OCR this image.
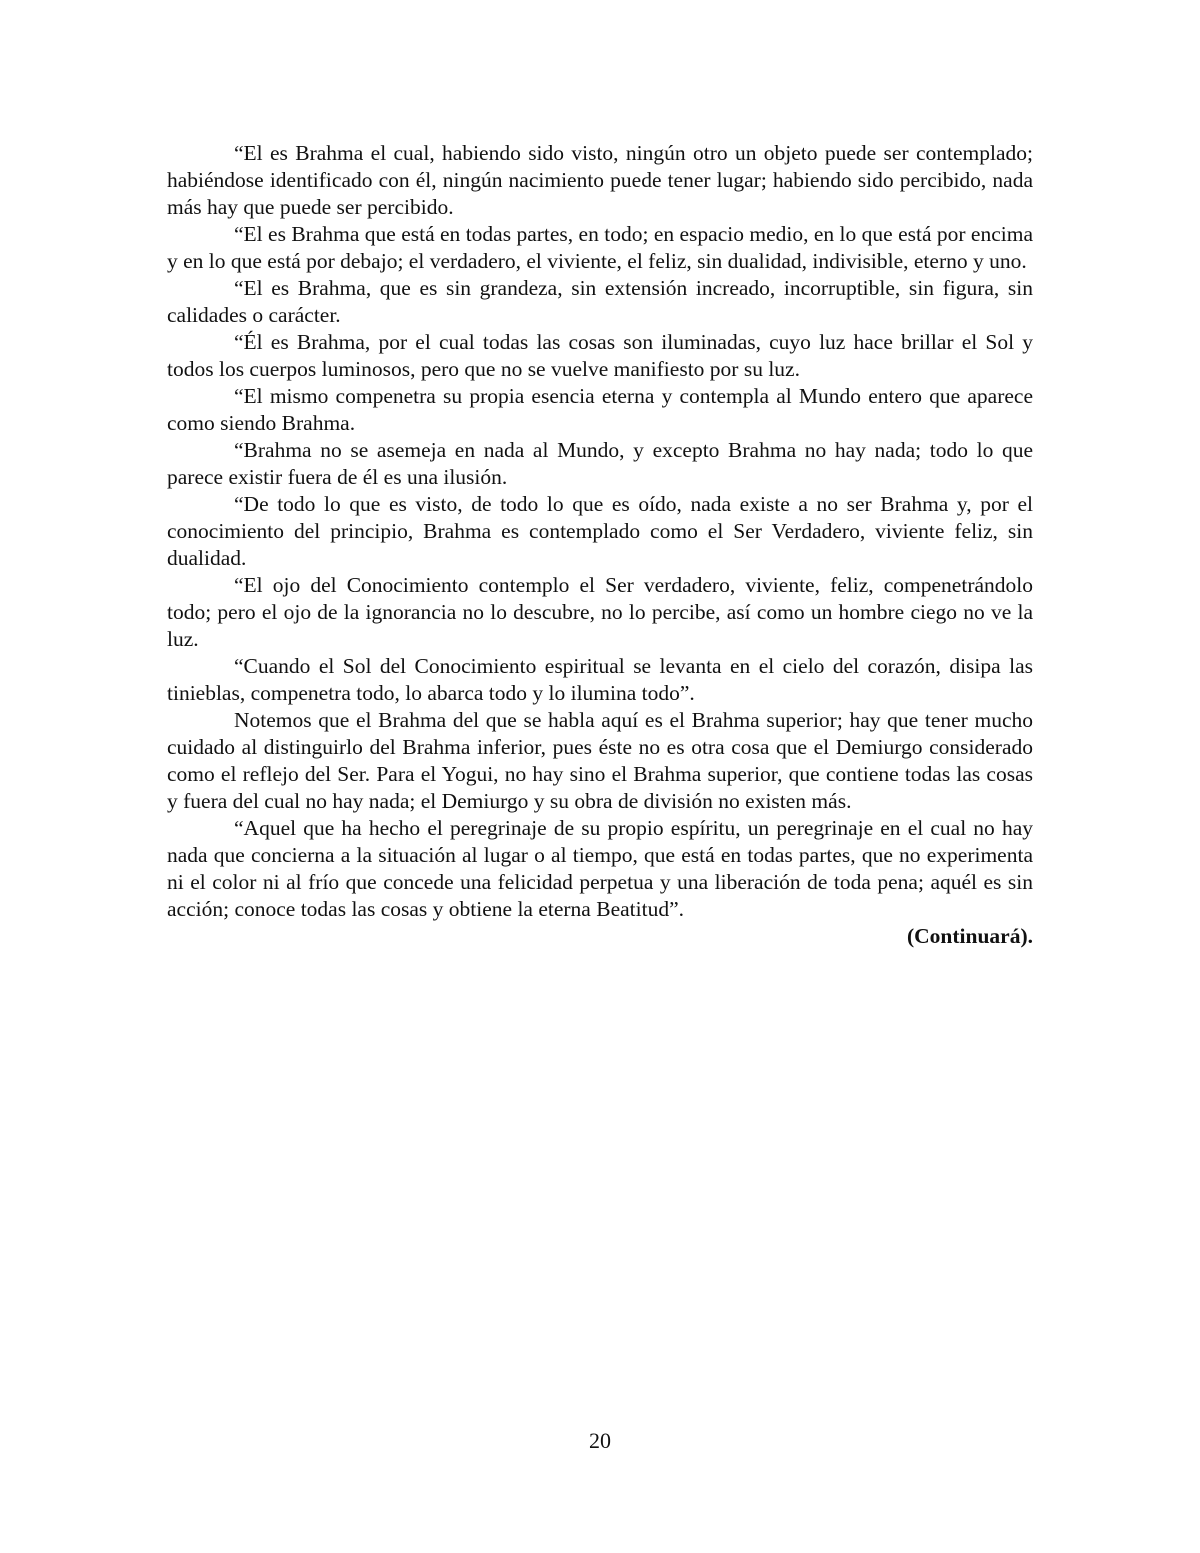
“El es Brahma el cual, habiendo sido visto, ningún otro un objeto puede ser contemplado; habiéndose identificado con él, ningún nacimiento puede tener lugar; habiendo sido percibido, nada más hay que puede ser percibido.

“El es Brahma que está en todas partes, en todo; en espacio medio, en lo que está por encima y en lo que está por debajo; el verdadero, el viviente, el feliz, sin dualidad, indivisible, eterno y uno.

“El es Brahma, que es sin grandeza, sin extensión increado, incorruptible, sin figura, sin calidades o carácter.

“Él es Brahma, por el cual todas las cosas son iluminadas, cuyo luz hace brillar el Sol y todos los cuerpos luminosos, pero que no se vuelve manifiesto por su luz.

“El mismo compenetra su propia esencia eterna y contempla al Mundo entero que aparece como siendo Brahma.

“Brahma no se asemeja en nada al Mundo, y excepto Brahma no hay nada; todo lo que parece existir fuera de él es una ilusión.

“De todo lo que es visto, de todo lo que es oído, nada existe a no ser Brahma y, por el conocimiento del principio, Brahma es contemplado como el Ser Verdadero, viviente feliz, sin dualidad.

“El ojo del Conocimiento contemplo el Ser verdadero, viviente, feliz, compenetrándolo todo; pero el ojo de la ignorancia no lo descubre, no lo percibe, así como un hombre ciego no ve la luz.

“Cuando el Sol del Conocimiento espiritual se levanta en el cielo del corazón, disipa las tinieblas, compenetra todo, lo abarca todo y lo ilumina todo”.

Notemos que el Brahma del que se habla aquí es el Brahma superior; hay que tener mucho cuidado al distinguirlo del Brahma inferior, pues éste no es otra cosa que el Demiurgo considerado como el reflejo del Ser. Para el Yogui, no hay sino el Brahma superior, que contiene todas las cosas y fuera del cual no hay nada; el Demiurgo y su obra de división no existen más.

“Aquel que ha hecho el peregrinaje de su propio espíritu, un peregrinaje en el cual no hay nada que concierna a la situación al lugar o al tiempo, que está en todas partes, que no experimenta ni el color ni al frío que concede una felicidad perpetua y una liberación de toda pena; aquél es sin acción; conoce todas las cosas y obtiene la eterna Beatitud”.

(Continuará).

20
